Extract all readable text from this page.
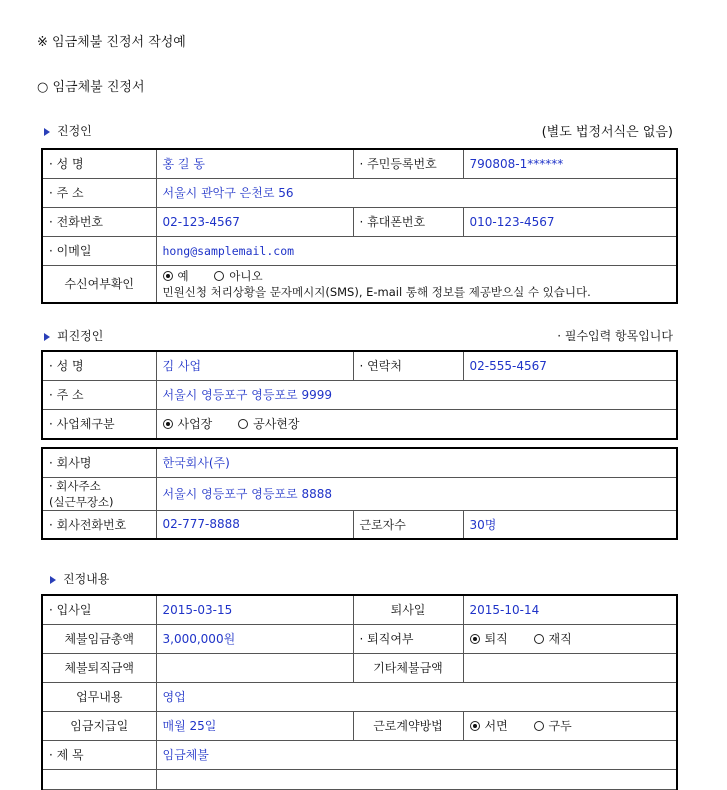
※ 임금체불 진정서 작성예
○ 임금체불 진정서
진정인	(별도 법정서식은 없음)
· 성 명	홍 길 동	· 주민등록번호	790808-1******
· 주 소	서울시 관악구 은천로 56		
· 전화번호	02-123-4567	· 휴대폰번호	010-123-4567
· 이메일	hong@samplemail.com		
수신여부확인	예 아니오
민원신청 처리상황을 문자메시지(SMS), E-mail 통해 정보를 제공받으실 수 있습니다.		
피진정인	· 필수입력 항목입니다
· 성 명	김 사업	· 연락처	02-555-4567
· 주 소	서울시 영등포구 영등포로 9999		
· 사업체구분	사업장 공사현장		
· 회사명	한국회사(주)		

· 회사주소
(실근무장소)	서울시 영등포구 영등포로 8888		
· 회사전화번호	02-777-8888	근로자수	30명
진정내용
· 입사일	2015-03-15	퇴사일	2015-10-14
체불임금총액	3,000,000원	· 퇴직여부	퇴직 재직
체불퇴직금액		기타체불금액	
업무내용	영업		
임금지급일	매월 25일	근로계약방법	서면 구두
· 제 목	임금체불		
